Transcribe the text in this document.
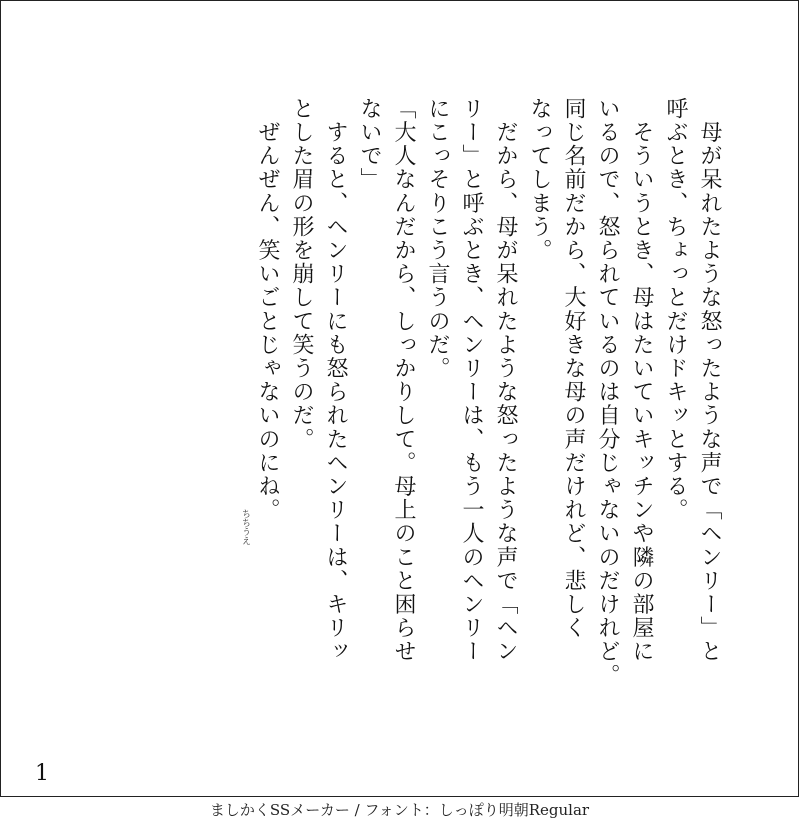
　母が呆れたような怒ったような声で「ヘンリー」と
呼ぶとき、ちょっとだけドキッとする。
　そういうとき、母はたいていキッチンや隣の部屋に
いるので、怒られているのは自分じゃないのだけれど。
同じ名前だから、大好きな母の声だけれど、悲しく
なってしまう。
　だから、母が呆れたような怒ったような声で「ヘン
リー」と呼ぶとき、ヘンリーは、もう一人のヘンリー
にこっそりこう言うのだ。
「大人なんだから、しっかりして。母上のこと困らせ
ないで」
　すると、ヘンリーにも怒られたヘンリーは、キリッ
とした眉の形を崩して笑うのだ。
　ぜんぜん、笑いごとじゃないのにね。
ちちうえ
1
ましかくSSメーカー / フォント：しっぽり明朝Regular
